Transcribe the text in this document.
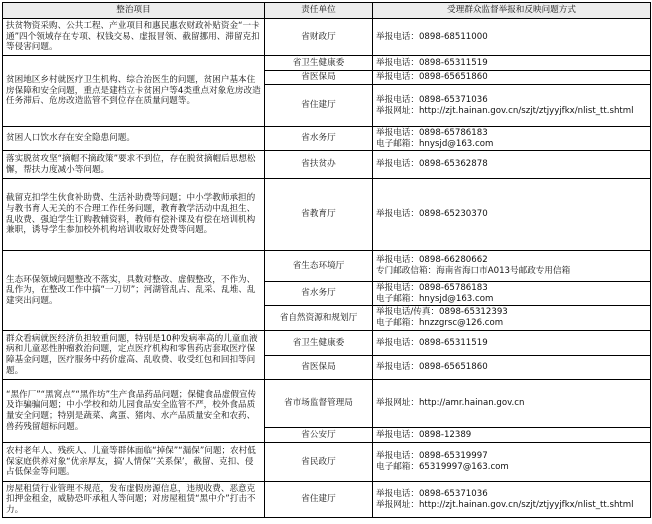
整治项目	责任单位	受理群众监督举报和反映问题方式
扶贫物资采购、公共工程、产业项目和惠民惠农财政补贴资金“一卡通”四个领域存在专项、权钱交易、虚报冒领、截留挪用、滞留克扣等侵害问题。	省财政厅	举报电话：0898-68511000
贫困地区乡村就医疗卫生机构、综合治医生的问题，贫困户基本住房保障和安全问题，重点是建档立卡贫困户等4类重点对象危房改造任务滞后、危房改造监管不到位存在质量问题等。	省卫生健康委	举报电话：0898-65311519
	省医保局	举报电话：0898-65651860
	省住建厅	举报电话：0898-65371036
举报网址：http://zjt.hainan.gov.cn/szjt/ztjyyjfkx/nlist_tt.shtml
贫困人口饮水存在安全隐患问题。	省水务厅	举报电话：0898-65786183
电子邮箱：hnysjd@163.com
落实脱贫攻坚“摘帽不摘政策”要求不到位，存在脱贫摘帽后思想松懈，帮扶力度减小等问题。	省扶贫办	举报电话：0898-65362878
截留克扣学生伙食补助费、生活补助费等问题；中小学教师承担的与教书育人无关的不合理工作任务问题，教育教学活动中乱担生、乱收费、强迫学生订购教辅资料，教师有偿补课及有偿在培训机构兼职，诱导学生参加校外机构培训收取好处费等问题。	省教育厅	举报电话：0898-65230370
生态环保领域问题整改不落实，具数对整改、虚假整改，不作为、乱作为，在整改工作中搞“一刀切”；河湖管乱占、乱采、乱堆、乱建突出问题。	省生态环境厅	举报电话：0898-66280662
专门邮政信箱：海南省海口市A013号邮政专用信箱
	省水务厅	举报电话：0898-65786183
电子邮箱：hnysjd@163.com
	省自然资源和规划厅	举报电话/传真：0898-65312393
电子邮箱：hnzzgrsc@126.com
群众看病就医经济负担较重问题，特别是10种发病率高的儿童血液病和儿童恶性肿瘤救治问题，定点医疗机构和零售药店套取医疗保障基金问题，医疗服务中药价虚高、乱收费、收受红包和回扣等问题。	省卫生健康委	举报电话：0898-65311519
	省医保局	举报电话：0898-65651860
“黑作厂”“黑窝点”“黑作坊”生产食品药品问题；保健食品虚假宣传及诈骗骗问题；中小学校和幼儿园食品安全监管不严，校外食品质量安全问题；特别是蔬菜、禽蛋、猪肉、水产品质量安全和农药、兽药残留超标问题。	省市场监督管理局	举报网址：http://amr.hainan.gov.cn
	省公安厅	举报电话：0898-12389
农村老年人、残疾人、儿童等群体面临“掉保”“漏保”问题；农村低保家庭供养对象“优亲厚友，搞‘人情保’‘关系保’，截留、克扣、侵占低保金等问题。	省民政厅	举报电话：0898-65319997
电子邮箱：65319997@163.com
房屋租赁行业管理不规范，发布虚假房源信息，违规收费、恶意克扣押金租金，威胁恐吓承租人等问题；对房屋租赁“黑中介”打击不力。	省住建厅	举报电话：0898-65371036
举报网址：http://zjt.hainan.gov.cn/szjt/ztjyyjfkx/nlist_tt.shtml
